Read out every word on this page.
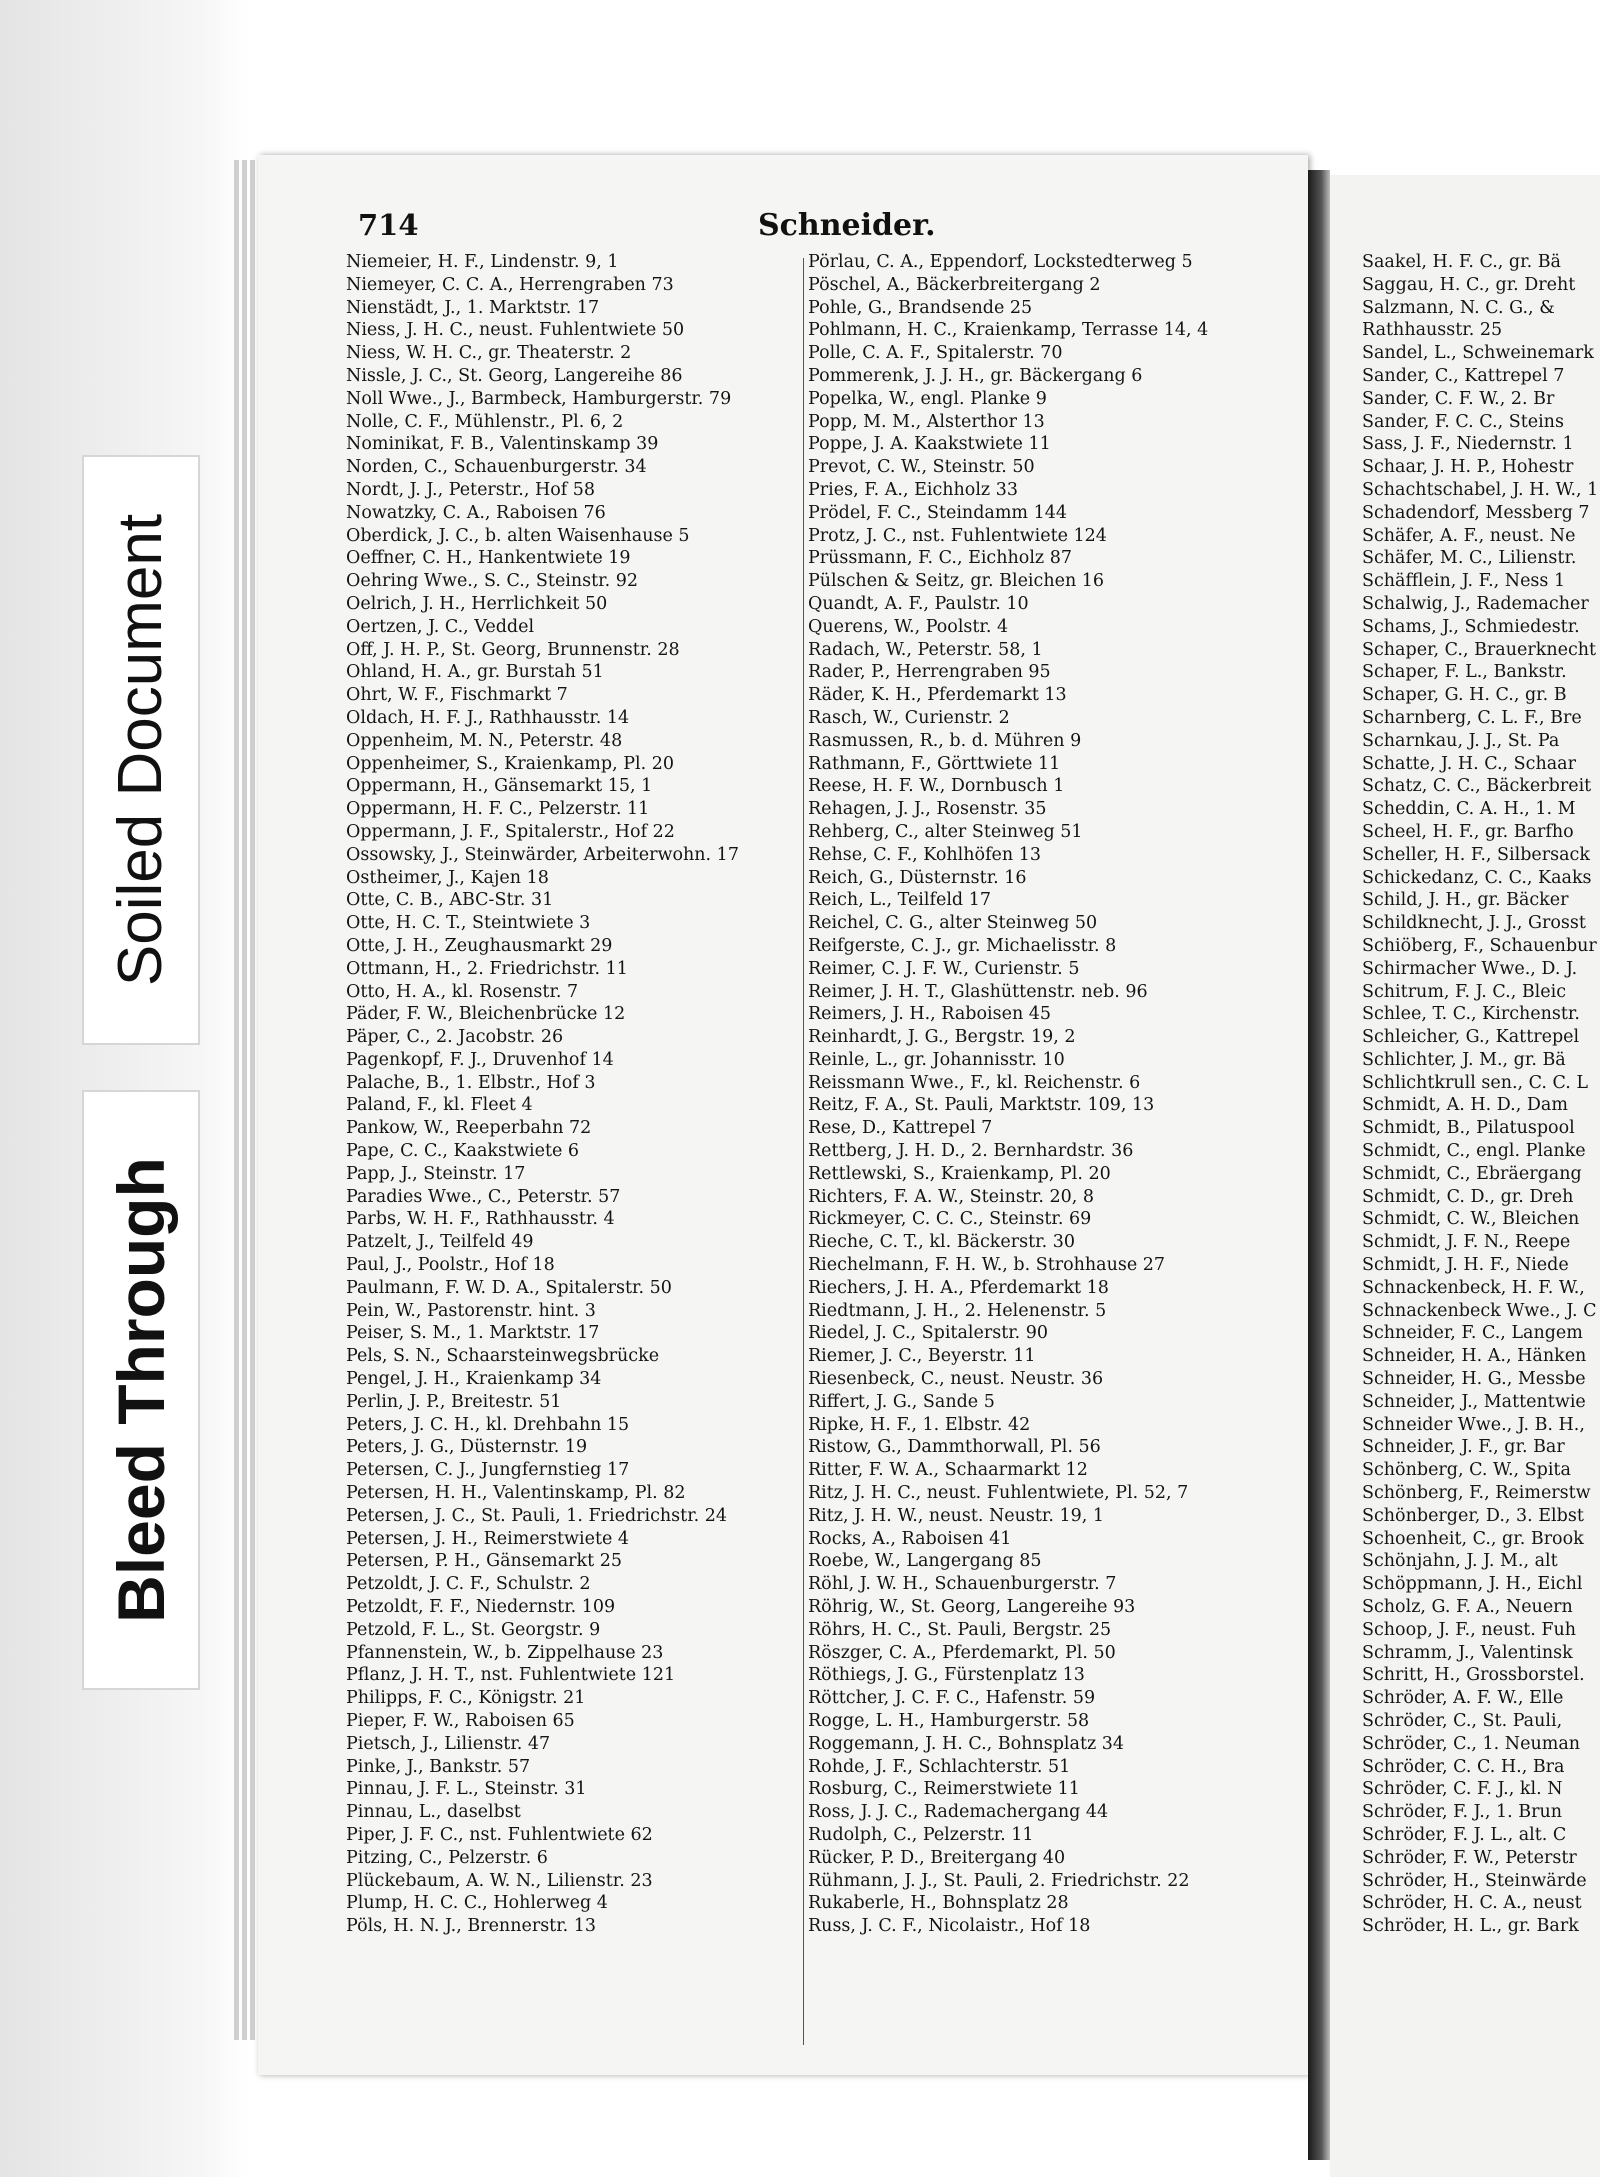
Soiled Document
Bleed Through
714	Schneider.
Niemeier, H. F., Lindenstr. 9, 1
Niemeyer, C. C. A., Herrengraben 73
Nienstädt, J., 1. Marktstr. 17
Niess, J. H. C., neust. Fuhlentwiete 50
Niess, W. H. C., gr. Theaterstr. 2
Nissle, J. C., St. Georg, Langereihe 86
Noll Wwe., J., Barmbeck, Hamburgerstr. 79
Nolle, C. F., Mühlenstr., Pl. 6, 2
Nominikat, F. B., Valentinskamp 39
Norden, C., Schauenburgerstr. 34
Nordt, J. J., Peterstr., Hof 58
Nowatzky, C. A., Raboisen 76
Oberdick, J. C., b. alten Waisenhause 5
Oeffner, C. H., Hankentwiete 19
Oehring Wwe., S. C., Steinstr. 92
Oelrich, J. H., Herrlichkeit 50
Oertzen, J. C., Veddel
Off, J. H. P., St. Georg, Brunnenstr. 28
Ohland, H. A., gr. Burstah 51
Ohrt, W. F., Fischmarkt 7
Oldach, H. F. J., Rathhausstr. 14
Oppenheim, M. N., Peterstr. 48
Oppenheimer, S., Kraienkamp, Pl. 20
Oppermann, H., Gänsemarkt 15, 1
Oppermann, H. F. C., Pelzerstr. 11
Oppermann, J. F., Spitalerstr., Hof 22
Ossowsky, J., Steinwärder, Arbeiterwohn. 17
Ostheimer, J., Kajen 18
Otte, C. B., ABC-Str. 31
Otte, H. C. T., Steintwiete 3
Otte, J. H., Zeughausmarkt 29
Ottmann, H., 2. Friedrichstr. 11
Otto, H. A., kl. Rosenstr. 7
Päder, F. W., Bleichenbrücke 12
Päper, C., 2. Jacobstr. 26
Pagenkopf, F. J., Druvenhof 14
Palache, B., 1. Elbstr., Hof 3
Paland, F., kl. Fleet 4
Pankow, W., Reeperbahn 72
Pape, C. C., Kaakstwiete 6
Papp, J., Steinstr. 17
Paradies Wwe., C., Peterstr. 57
Parbs, W. H. F., Rathhausstr. 4
Patzelt, J., Teilfeld 49
Paul, J., Poolstr., Hof 18
Paulmann, F. W. D. A., Spitalerstr. 50
Pein, W., Pastorenstr. hint. 3
Peiser, S. M., 1. Marktstr. 17
Pels, S. N., Schaarsteinwegsbrücke
Pengel, J. H., Kraienkamp 34
Perlin, J. P., Breitestr. 51
Peters, J. C. H., kl. Drehbahn 15
Peters, J. G., Düsternstr. 19
Petersen, C. J., Jungfernstieg 17
Petersen, H. H., Valentinskamp, Pl. 82
Petersen, J. C., St. Pauli, 1. Friedrichstr. 24
Petersen, J. H., Reimerstwiete 4
Petersen, P. H., Gänsemarkt 25
Petzoldt, J. C. F., Schulstr. 2
Petzoldt, F. F., Niedernstr. 109
Petzold, F. L., St. Georgstr. 9
Pfannenstein, W., b. Zippelhause 23
Pflanz, J. H. T., nst. Fuhlentwiete 121
Philipps, F. C., Königstr. 21
Pieper, F. W., Raboisen 65
Pietsch, J., Lilienstr. 47
Pinke, J., Bankstr. 57
Pinnau, J. F. L., Steinstr. 31
Pinnau, L., daselbst
Piper, J. F. C., nst. Fuhlentwiete 62
Pitzing, C., Pelzerstr. 6
Plückebaum, A. W. N., Lilienstr. 23
Plump, H. C. C., Hohlerweg 4
Pöls, H. N. J., Brennerstr. 13
Pörlau, C. A., Eppendorf, Lockstedterweg 5
Pöschel, A., Bäckerbreitergang 2
Pohle, G., Brandsende 25
Pohlmann, H. C., Kraienkamp, Terrasse 14, 4
Polle, C. A. F., Spitalerstr. 70
Pommerenk, J. J. H., gr. Bäckergang 6
Popelka, W., engl. Planke 9
Popp, M. M., Alsterthor 13
Poppe, J. A. Kaakstwiete 11
Prevot, C. W., Steinstr. 50
Pries, F. A., Eichholz 33
Prödel, F. C., Steindamm 144
Protz, J. C., nst. Fuhlentwiete 124
Prüssmann, F. C., Eichholz 87
Pülschen & Seitz, gr. Bleichen 16
Quandt, A. F., Paulstr. 10
Querens, W., Poolstr. 4
Radach, W., Peterstr. 58, 1
Rader, P., Herrengraben 95
Räder, K. H., Pferdemarkt 13
Rasch, W., Curienstr. 2
Rasmussen, R., b. d. Mühren 9
Rathmann, F., Görttwiete 11
Reese, H. F. W., Dornbusch 1
Rehagen, J. J., Rosenstr. 35
Rehberg, C., alter Steinweg 51
Rehse, C. F., Kohlhöfen 13
Reich, G., Düsternstr. 16
Reich, L., Teilfeld 17
Reichel, C. G., alter Steinweg 50
Reifgerste, C. J., gr. Michaelisstr. 8
Reimer, C. J. F. W., Curienstr. 5
Reimer, J. H. T., Glashüttenstr. neb. 96
Reimers, J. H., Raboisen 45
Reinhardt, J. G., Bergstr. 19, 2
Reinle, L., gr. Johannisstr. 10
Reissmann Wwe., F., kl. Reichenstr. 6
Reitz, F. A., St. Pauli, Marktstr. 109, 13
Rese, D., Kattrepel 7
Rettberg, J. H. D., 2. Bernhardstr. 36
Rettlewski, S., Kraienkamp, Pl. 20
Richters, F. A. W., Steinstr. 20, 8
Rickmeyer, C. C. C., Steinstr. 69
Rieche, C. T., kl. Bäckerstr. 30
Riechelmann, F. H. W., b. Strohhause 27
Riechers, J. H. A., Pferdemarkt 18
Riedtmann, J. H., 2. Helenenstr. 5
Riedel, J. C., Spitalerstr. 90
Riemer, J. C., Beyerstr. 11
Riesenbeck, C., neust. Neustr. 36
Riffert, J. G., Sande 5
Ripke, H. F., 1. Elbstr. 42
Ristow, G., Dammthorwall, Pl. 56
Ritter, F. W. A., Schaarmarkt 12
Ritz, J. H. C., neust. Fuhlentwiete, Pl. 52, 7
Ritz, J. H. W., neust. Neustr. 19, 1
Rocks, A., Raboisen 41
Roebe, W., Langergang 85
Röhl, J. W. H., Schauenburgerstr. 7
Röhrig, W., St. Georg, Langereihe 93
Röhrs, H. C., St. Pauli, Bergstr. 25
Röszger, C. A., Pferdemarkt, Pl. 50
Röthiegs, J. G., Fürstenplatz 13
Röttcher, J. C. F. C., Hafenstr. 59
Rogge, L. H., Hamburgerstr. 58
Roggemann, J. H. C., Bohnsplatz 34
Rohde, J. F., Schlachterstr. 51
Rosburg, C., Reimerstwiete 11
Ross, J. J. C., Rademachergang 44
Rudolph, C., Pelzerstr. 11
Rücker, P. D., Breitergang 40
Rühmann, J. J., St. Pauli, 2. Friedrichstr. 22
Rukaberle, H., Bohnsplatz 28
Russ, J. C. F., Nicolaistr., Hof 18
Saakel, H. F. C., gr. Bä
Saggau, H. C., gr. Dreht
Salzmann, N. C. G., &
Rathhausstr. 25
Sandel, L., Schweinemark
Sander, C., Kattrepel 7
Sander, C. F. W., 2. Br
Sander, F. C. C., Steins
Sass, J. F., Niedernstr. 1
Schaar, J. H. P., Hohestr
Schachtschabel, J. H. W., 1
Schadendorf, Messberg 7
Schäfer, A. F., neust. Ne
Schäfer, M. C., Lilienstr.
Schäfflein, J. F., Ness 1
Schalwig, J., Rademacher
Schams, J., Schmiedestr.
Schaper, C., Brauerknecht
Schaper, F. L., Bankstr.
Schaper, G. H. C., gr. B
Scharnberg, C. L. F., Bre
Scharnkau, J. J., St. Pa
Schatte, J. H. C., Schaar
Schatz, C. C., Bäckerbreit
Scheddin, C. A. H., 1. M
Scheel, H. F., gr. Barfho
Scheller, H. F., Silbersack
Schickedanz, C. C., Kaaks
Schild, J. H., gr. Bäcker
Schildknecht, J. J., Grosst
Schiöberg, F., Schauenbur
Schirmacher Wwe., D. J.
Schitrum, F. J. C., Bleic
Schlee, T. C., Kirchenstr.
Schleicher, G., Kattrepel
Schlichter, J. M., gr. Bä
Schlichtkrull sen., C. C. L
Schmidt, A. H. D., Dam
Schmidt, B., Pilatuspool
Schmidt, C., engl. Planke
Schmidt, C., Ebräergang
Schmidt, C. D., gr. Dreh
Schmidt, C. W., Bleichen
Schmidt, J. F. N., Reepe
Schmidt, J. H. F., Niede
Schnackenbeck, H. F. W.,
Schnackenbeck Wwe., J. C
Schneider, F. C., Langem
Schneider, H. A., Hänken
Schneider, H. G., Messbe
Schneider, J., Mattentwie
Schneider Wwe., J. B. H.,
Schneider, J. F., gr. Bar
Schönberg, C. W., Spita
Schönberg, F., Reimerstw
Schönberger, D., 3. Elbst
Schoenheit, C., gr. Brook
Schönjahn, J. J. M., alt
Schöppmann, J. H., Eichl
Scholz, G. F. A., Neuern
Schoop, J. F., neust. Fuh
Schramm, J., Valentinsk
Schritt, H., Grossborstel.
Schröder, A. F. W., Elle
Schröder, C., St. Pauli,
Schröder, C., 1. Neuman
Schröder, C. C. H., Bra
Schröder, C. F. J., kl. N
Schröder, F. J., 1. Brun
Schröder, F. J. L., alt. C
Schröder, F. W., Peterstr
Schröder, H., Steinwärde
Schröder, H. C. A., neust
Schröder, H. L., gr. Bark
